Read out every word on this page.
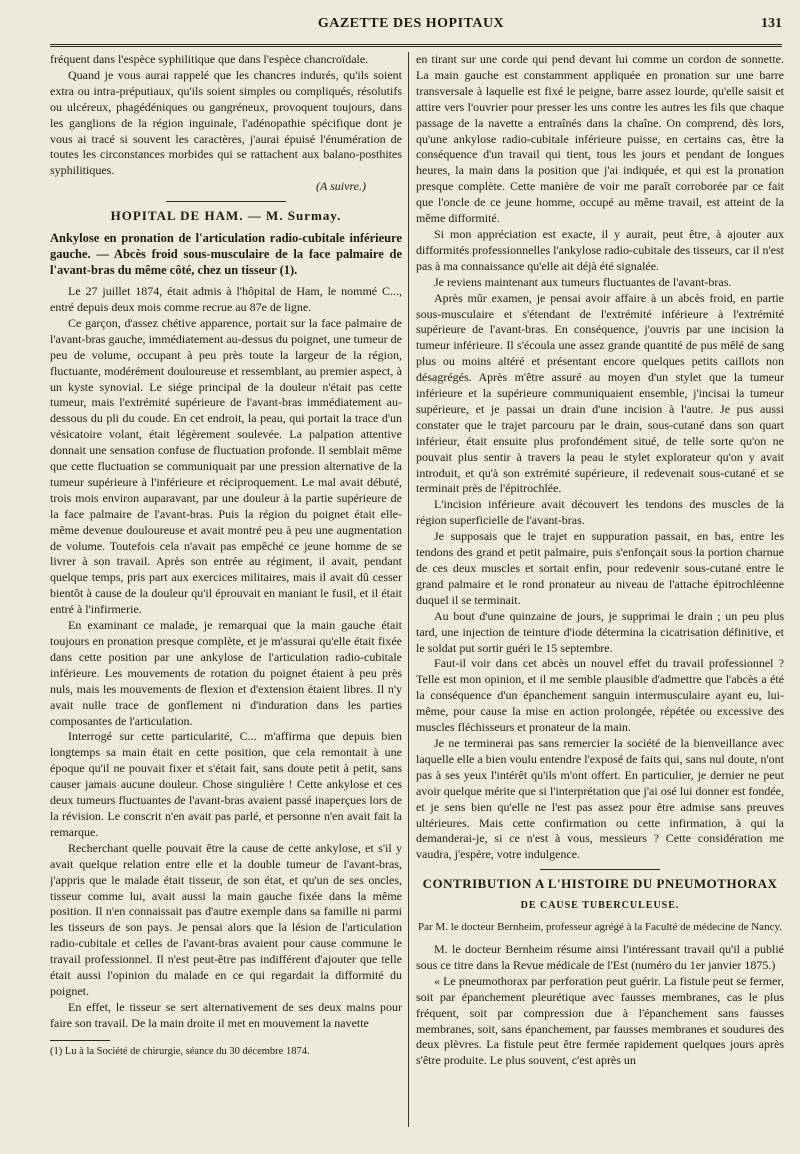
GAZETTE DES HOPITAUX	131

fréquent dans l'espèce syphilitique que dans l'espèce chancroïdale.

Quand je vous aurai rappelé que les chancres indurés, qu'ils soient extra ou intra-préputiaux, qu'ils soient simples ou compliqués, résolutifs ou ulcéreux, phagédéniques ou gangréneux, provoquent toujours, dans les ganglions de la région inguinale, l'adénopathie spécifique dont je vous ai tracé si souvent les caractères, j'aurai épuisé l'énumération de toutes les circonstances morbides qui se rattachent aux balano-posthites syphilitiques.

(A suivre.)

HOPITAL DE HAM. — M. Surmay.

Ankylose en pronation de l'articulation radio-cubitale inférieure gauche. — Abcès froid sous-musculaire de la face palmaire de l'avant-bras du même côté, chez un tisseur (1).

Le 27 juillet 1874, était admis à l'hôpital de Ham, le nommé C..., entré depuis deux mois comme recrue au 87e de ligne.

Ce garçon, d'assez chétive apparence, portait sur la face palmaire de l'avant-bras gauche, immédiatement au-dessus du poignet, une tumeur de peu de volume, occupant à peu près toute la largeur de la région, fluctuante, modérément douloureuse et ressemblant, au premier aspect, à un kyste synovial. Le siége principal de la douleur n'était pas cette tumeur, mais l'extrémité supérieure de l'avant-bras immédiatement au-dessous du pli du coude. En cet endroit, la peau, qui portait la trace d'un vésicatoire volant, était légèrement soulevée. La palpation attentive donnait une sensation confuse de fluctuation profonde. Il semblait même que cette fluctuation se communiquait par une pression alternative de la tumeur supérieure à l'inférieure et réciproquement. Le mal avait débuté, trois mois environ auparavant, par une douleur à la partie supérieure de la face palmaire de l'avant-bras. Puis la région du poignet était elle-même devenue douloureuse et avait montré peu à peu une augmentation de volume. Toutefois cela n'avait pas empêché ce jeune homme de se livrer à son travail. Après son entrée au régiment, il avait, pendant quelque temps, pris part aux exercices militaires, mais il avait dû cesser bientôt à cause de la douleur qu'il éprouvait en maniant le fusil, et il était entré à l'infirmerie.

En examinant ce malade, je remarquai que la main gauche était toujours en pronation presque complète, et je m'assurai qu'elle était fixée dans cette position par une ankylose de l'articulation radio-cubitale inférieure. Les mouvements de rotation du poignet étaient à peu près nuls, mais les mouvements de flexion et d'extension étaient libres. Il n'y avait nulle trace de gonflement ni d'induration dans les parties composantes de l'articulation.

Interrogé sur cette particularité, C... m'affirma que depuis bien longtemps sa main était en cette position, que cela remontait à une époque qu'il ne pouvait fixer et s'était fait, sans doute petit à petit, sans causer jamais aucune douleur. Chose singulière ! Cette ankylose et ces deux tumeurs fluctuantes de l'avant-bras avaient passé inaperçues lors de la révision. Le conscrit n'en avait pas parlé, et personne n'en avait fait la remarque.

Recherchant quelle pouvait être la cause de cette ankylose, et s'il y avait quelque relation entre elle et la double tumeur de l'avant-bras, j'appris que le malade était tisseur, de son état, et qu'un de ses oncles, tisseur comme lui, avait aussi la main gauche fixée dans la même position. Il n'en connaissait pas d'autre exemple dans sa famille ni parmi les tisseurs de son pays. Je pensai alors que la lésion de l'articulation radio-cubitale et celles de l'avant-bras avaient pour cause commune le travail professionnel. Il n'est peut-être pas indifférent d'ajouter que telle était aussi l'opinion du malade en ce qui regardait la difformité du poignet.

En effet, le tisseur se sert alternativement de ses deux mains pour faire son travail. De la main droite il met en mouvement la navette

(1) Lu à la Société de chirurgie, séance du 30 décembre 1874.

en tirant sur une corde qui pend devant lui comme un cordon de sonnette. La main gauche est constamment appliquée en pronation sur une barre transversale à laquelle est fixé le peigne, barre assez lourde, qu'elle saisit et attire vers l'ouvrier pour presser les uns contre les autres les fils que chaque passage de la navette a entraînés dans la chaîne. On comprend, dès lors, qu'une ankylose radio-cubitale inférieure puisse, en certains cas, être la conséquence d'un travail qui tient, tous les jours et pendant de longues heures, la main dans la position que j'ai indiquée, et qui est la pronation presque complète. Cette manière de voir me paraît corroborée par ce fait que l'oncle de ce jeune homme, occupé au même travail, est atteint de la même difformité.

Si mon appréciation est exacte, il y aurait, peut être, à ajouter aux difformités professionnelles l'ankylose radio-cubitale des tisseurs, car il n'est pas à ma connaissance qu'elle ait déjà été signalée.

Je reviens maintenant aux tumeurs fluctuantes de l'avant-bras.

Après mûr examen, je pensai avoir affaire à un abcès froid, en partie sous-musculaire et s'étendant de l'extrémité inférieure à l'extrémité supérieure de l'avant-bras. En conséquence, j'ouvris par une incision la tumeur inférieure. Il s'écoula une assez grande quantité de pus mêlé de sang plus ou moins altéré et présentant encore quelques petits caillots non désagrégés. Après m'être assuré au moyen d'un stylet que la tumeur inférieure et la supérieure communiquaient ensemble, j'incisai la tumeur supérieure, et je passai un drain d'une incision à l'autre. Je pus aussi constater que le trajet parcouru par le drain, sous-cutané dans son quart inférieur, était ensuite plus profondément situé, de telle sorte qu'on ne pouvait plus sentir à travers la peau le stylet explorateur qu'on y avait introduit, et qu'à son extrémité supérieure, il redevenait sous-cutané et se terminait près de l'épitrochlée.

L'incision inférieure avait découvert les tendons des muscles de la région superficielle de l'avant-bras.

Je supposais que le trajet en suppuration passait, en bas, entre les tendons des grand et petit palmaire, puis s'enfonçait sous la portion charnue de ces deux muscles et sortait enfin, pour redevenir sous-cutané entre le grand palmaire et le rond pronateur au niveau de l'attache épitrochléenne duquel il se terminait.

Au bout d'une quinzaine de jours, je supprimai le drain ; un peu plus tard, une injection de teinture d'iode détermina la cicatrisation définitive, et le soldat put sortir guéri le 15 septembre.

Faut-il voir dans cet abcès un nouvel effet du travail professionnel ? Telle est mon opinion, et il me semble plausible d'admettre que l'abcès a été la conséquence d'un épanchement sanguin intermusculaire ayant eu, lui-même, pour cause la mise en action prolongée, répétée ou excessive des muscles fléchisseurs et pronateur de la main.

Je ne terminerai pas sans remercier la société de la bienveillance avec laquelle elle a bien voulu entendre l'exposé de faits qui, sans nul doute, n'ont pas à ses yeux l'intérêt qu'ils m'ont offert. En particulier, je dernier ne peut avoir quelque mérite que si l'interprétation que j'ai osé lui donner est fondée, et je sens bien qu'elle ne l'est pas assez pour être admise sans preuves ultérieures. Mais cette confirmation ou cette infirmation, à qui la demanderai-je, si ce n'est à vous, messieurs ? Cette considération me vaudra, j'espère, votre indulgence.

CONTRIBUTION A L'HISTOIRE DU PNEUMOTHORAX

DE CAUSE TUBERCULEUSE.

Par M. le docteur Bernheim, professeur agrégé à la Faculté de médecine de Nancy.

M. le docteur Bernheim résume ainsi l'intéressant travail qu'il a publié sous ce titre dans la Revue médicale de l'Est (numéro du 1er janvier 1875.)

« Le pneumothorax par perforation peut guérir. La fistule peut se fermer, soit par épanchement pleurétique avec fausses membranes, cas le plus fréquent, soit par compression due à l'épanchement sans fausses membranes, soit, sans épanchement, par fausses membranes et soudures des deux plèvres. La fistule peut être fermée rapidement quelques jours après s'être produite. Le plus souvent, c'est après un
